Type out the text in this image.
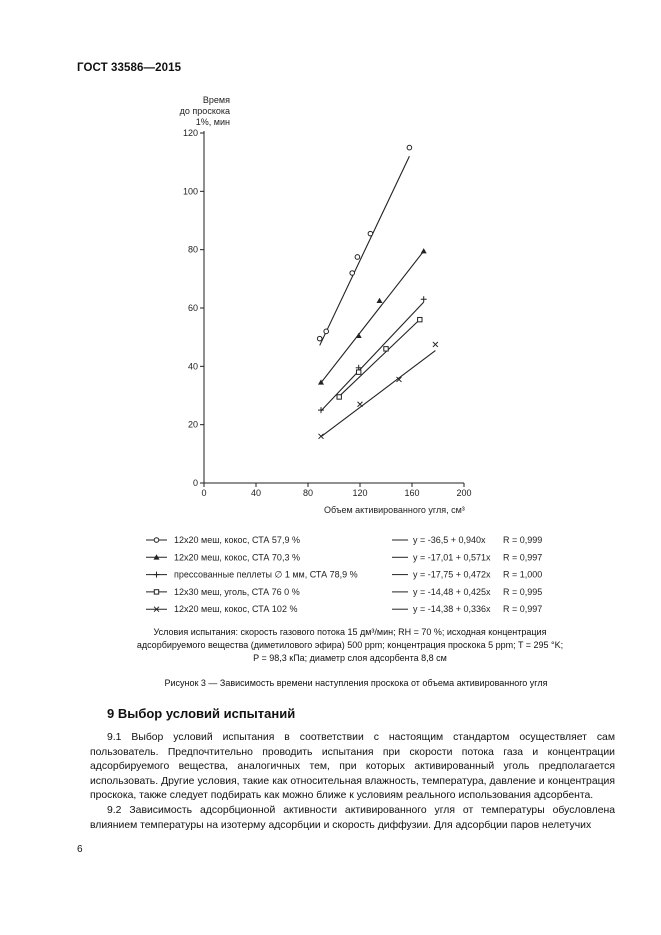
ГОСТ 33586—2015
0
20
40
60
80
100
120
0	40	80	120	160	200
Время
до проскока
1%, мин
Объем активированного угля, см³
12x20 меш, кокос, СТА 57,9 %	y = -36,5 + 0,940x R = 0,999
12x20 меш, кокос, СТА 70,3 %	y = -17,01 + 0,571x R = 0,997
прессованные пеллеты ∅ 1 мм, СТА 78,9 %	y = -17,75 + 0,472x R = 1,000
12x30 меш, уголь, СТА 76 0 %	y = -14,48 + 0,425x R = 0,995
12x20 меш, кокос, СТА 102 %	y = -14,38 + 0,336x R = 0,997
Условия испытания: скорость газового потока 15 дм³/мин; RH = 70 %; исходная концентрация
адсорбируемого вещества (диметилового эфира) 500 ppm; концентрация проскока 5 ppm; T = 295 °K;
P = 98,3 кПа; диаметр слоя адсорбента 8,8 см
Рисунок 3 — Зависимость времени наступления проскока от объема активированного угля
9 Выбор условий испытаний
9.1 Выбор условий испытания в соответствии с настоящим стандартом осуществляет сам пользователь. Предпочтительно проводить испытания при скорости потока газа и концентрации адсорбируемого вещества, аналогичных тем, при которых активированный уголь предполагается использовать. Другие условия, такие как относительная влажность, температура, давление и концентрация проскока, также следует подбирать как можно ближе к условиям реального использования адсорбента.
9.2 Зависимость адсорбционной активности активированного угля от температуры обусловлена влиянием температуры на изотерму адсорбции и скорость диффузии. Для адсорбции паров нелетучих
6
